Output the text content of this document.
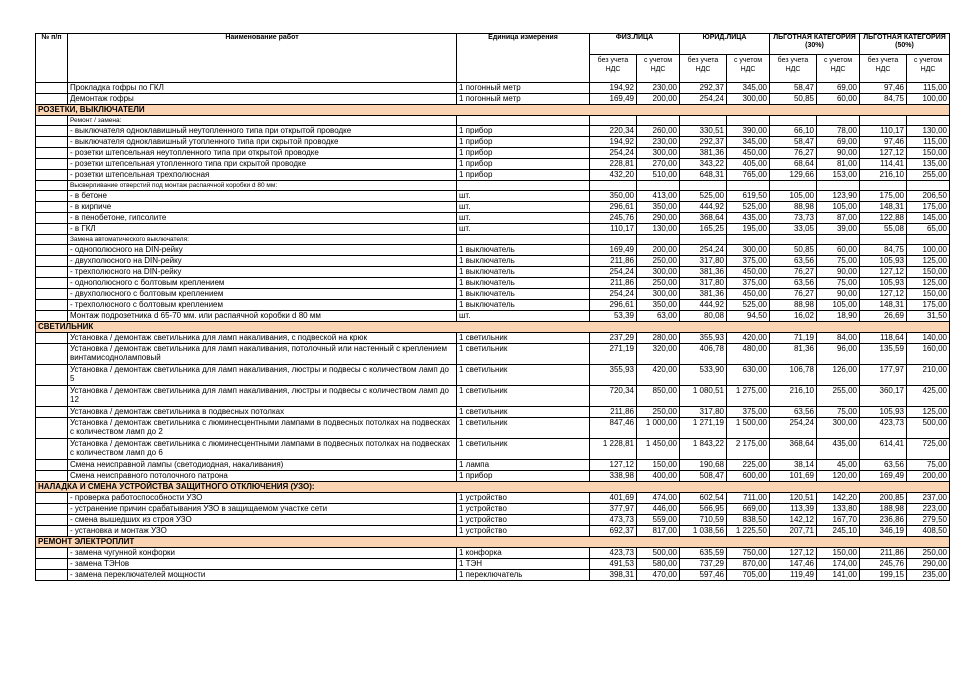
№ п/п	Наименование работ	Единица измерения	ФИЗ.ЛИЦА		ЮРИД.ЛИЦА		ЛЬГОТНАЯ КАТЕГОРИЯ (30%)		ЛЬГОТНАЯ КАТЕГОРИЯ (50%)	
			без учета НДС	с учетом НДС	без учета НДС	с учетом НДС	без учета НДС	с учетом НДС	без учета НДС	с учетом НДС
	Прокладка гофры по ГКЛ	1 погонный метр	194,92	230,00	292,37	345,00	58,47	69,00	97,46	115,00
	Демонтаж гофры	1 погонный метр	169,49	200,00	254,24	300,00	50,85	60,00	84,75	100,00
РОЗЕТКИ, ВЫКЛЮЧАТЕЛИ										
	Ремонт / замена:									
	- выключателя одноклавишный неутопленного типа при открытой проводке	1 прибор	220,34	260,00	330,51	390,00	66,10	78,00	110,17	130,00
	- выключателя одноклавишный утопленного типа при скрытой проводке	1 прибор	194,92	230,00	292,37	345,00	58,47	69,00	97,46	115,00
	- розетки штепсельная неутопленного типа при открытой проводке	1 прибор	254,24	300,00	381,36	450,00	76,27	90,00	127,12	150,00
	- розетки штепсельная утопленного типа при скрытой проводке	1 прибор	228,81	270,00	343,22	405,00	68,64	81,00	114,41	135,00
	- розетки штепсельная трехполюсная	1 прибор	432,20	510,00	648,31	765,00	129,66	153,00	216,10	255,00
	Высверливание отверстий под монтаж распаячной коробки d 80 мм:									
	- в бетоне	шт.	350,00	413,00	525,00	619,50	105,00	123,90	175,00	206,50
	- в кирпиче	шт.	296,61	350,00	444,92	525,00	88,98	105,00	148,31	175,00
	- в пенобетоне, гипсолите	шт.	245,76	290,00	368,64	435,00	73,73	87,00	122,88	145,00
	- в ГКЛ	шт.	110,17	130,00	165,25	195,00	33,05	39,00	55,08	65,00
	Замена автоматического выключателя:									
	- однополюсного на DIN-рейку	1 выключатель	169,49	200,00	254,24	300,00	50,85	60,00	84,75	100,00
	- двухполюсного на DIN-рейку	1 выключатель	211,86	250,00	317,80	375,00	63,56	75,00	105,93	125,00
	- трехполюсного на DIN-рейку	1 выключатель	254,24	300,00	381,36	450,00	76,27	90,00	127,12	150,00
	- однополюсного с болтовым креплением	1 выключатель	211,86	250,00	317,80	375,00	63,56	75,00	105,93	125,00
	- двухполюсного с болтовым креплением	1 выключатель	254,24	300,00	381,36	450,00	76,27	90,00	127,12	150,00
	- трехполюсного с болтовым креплением	1 выключатель	296,61	350,00	444,92	525,00	88,98	105,00	148,31	175,00
	Монтаж подрозетника d 65-70 мм. или распаячной коробки d 80 мм	шт.	53,39	63,00	80,08	94,50	16,02	18,90	26,69	31,50
СВЕТИЛЬНИК										
	Установка / демонтаж светильника для ламп накаливания, с подвеской на крюк	1 светильник	237,29	280,00	355,93	420,00	71,19	84,00	118,64	140,00
	Установка / демонтаж светильника для ламп накаливания, потолочный или настенный с креплением винтамисодноламповый	1 светильник	271,19	320,00	406,78	480,00	81,36	96,00	135,59	160,00
	Установка / демонтаж светильника для ламп накаливания, люстры и подвесы с количеством ламп до 5	1 светильник	355,93	420,00	533,90	630,00	106,78	126,00	177,97	210,00
	Установка / демонтаж светильника для ламп накаливания, люстры и подвесы с количеством ламп до 12	1 светильник	720,34	850,00	1 080,51	1 275,00	216,10	255,00	360,17	425,00
	Установка / демонтаж светильника в подвесных потолках	1 светильник	211,86	250,00	317,80	375,00	63,56	75,00	105,93	125,00
	Установка / демонтаж светильника с люминесцентными лампами в подвесных потолках на подвесках с количеством ламп до 2	1 светильник	847,46	1 000,00	1 271,19	1 500,00	254,24	300,00	423,73	500,00
	Установка / демонтаж светильника с люминесцентными лампами в подвесных потолках на подвесках с количеством ламп до 6	1 светильник	1 228,81	1 450,00	1 843,22	2 175,00	368,64	435,00	614,41	725,00
	Смена неисправной лампы (светодиодная, накаливания)	1 лампа	127,12	150,00	190,68	225,00	38,14	45,00	63,56	75,00
	Смена неисправного потолочного патрона	1 прибор	338,98	400,00	508,47	600,00	101,69	120,00	169,49	200,00
НАЛАДКА И СМЕНА УСТРОЙСТВА ЗАЩИТНОГО ОТКЛЮЧЕНИЯ (УЗО):										
	- проверка работоспособности УЗО	1 устройство	401,69	474,00	602,54	711,00	120,51	142,20	200,85	237,00
	- устранение причин срабатывания УЗО в защищаемом участке сети	1 устройство	377,97	446,00	566,95	669,00	113,39	133,80	188,98	223,00
	- смена вышедших из строя УЗО	1 устройство	473,73	559,00	710,59	838,50	142,12	167,70	236,86	279,50
	- установка и монтаж УЗО	1 устройство	692,37	817,00	1 038,56	1 225,50	207,71	245,10	346,19	408,50
РЕМОНТ ЭЛЕКТРОПЛИТ										
	- замена чугунной конфорки	1 конфорка	423,73	500,00	635,59	750,00	127,12	150,00	211,86	250,00
	- замена ТЭНов	1 ТЭН	491,53	580,00	737,29	870,00	147,46	174,00	245,76	290,00
	- замена переключателей мощности	1 переключатель	398,31	470,00	597,46	705,00	119,49	141,00	199,15	235,00
